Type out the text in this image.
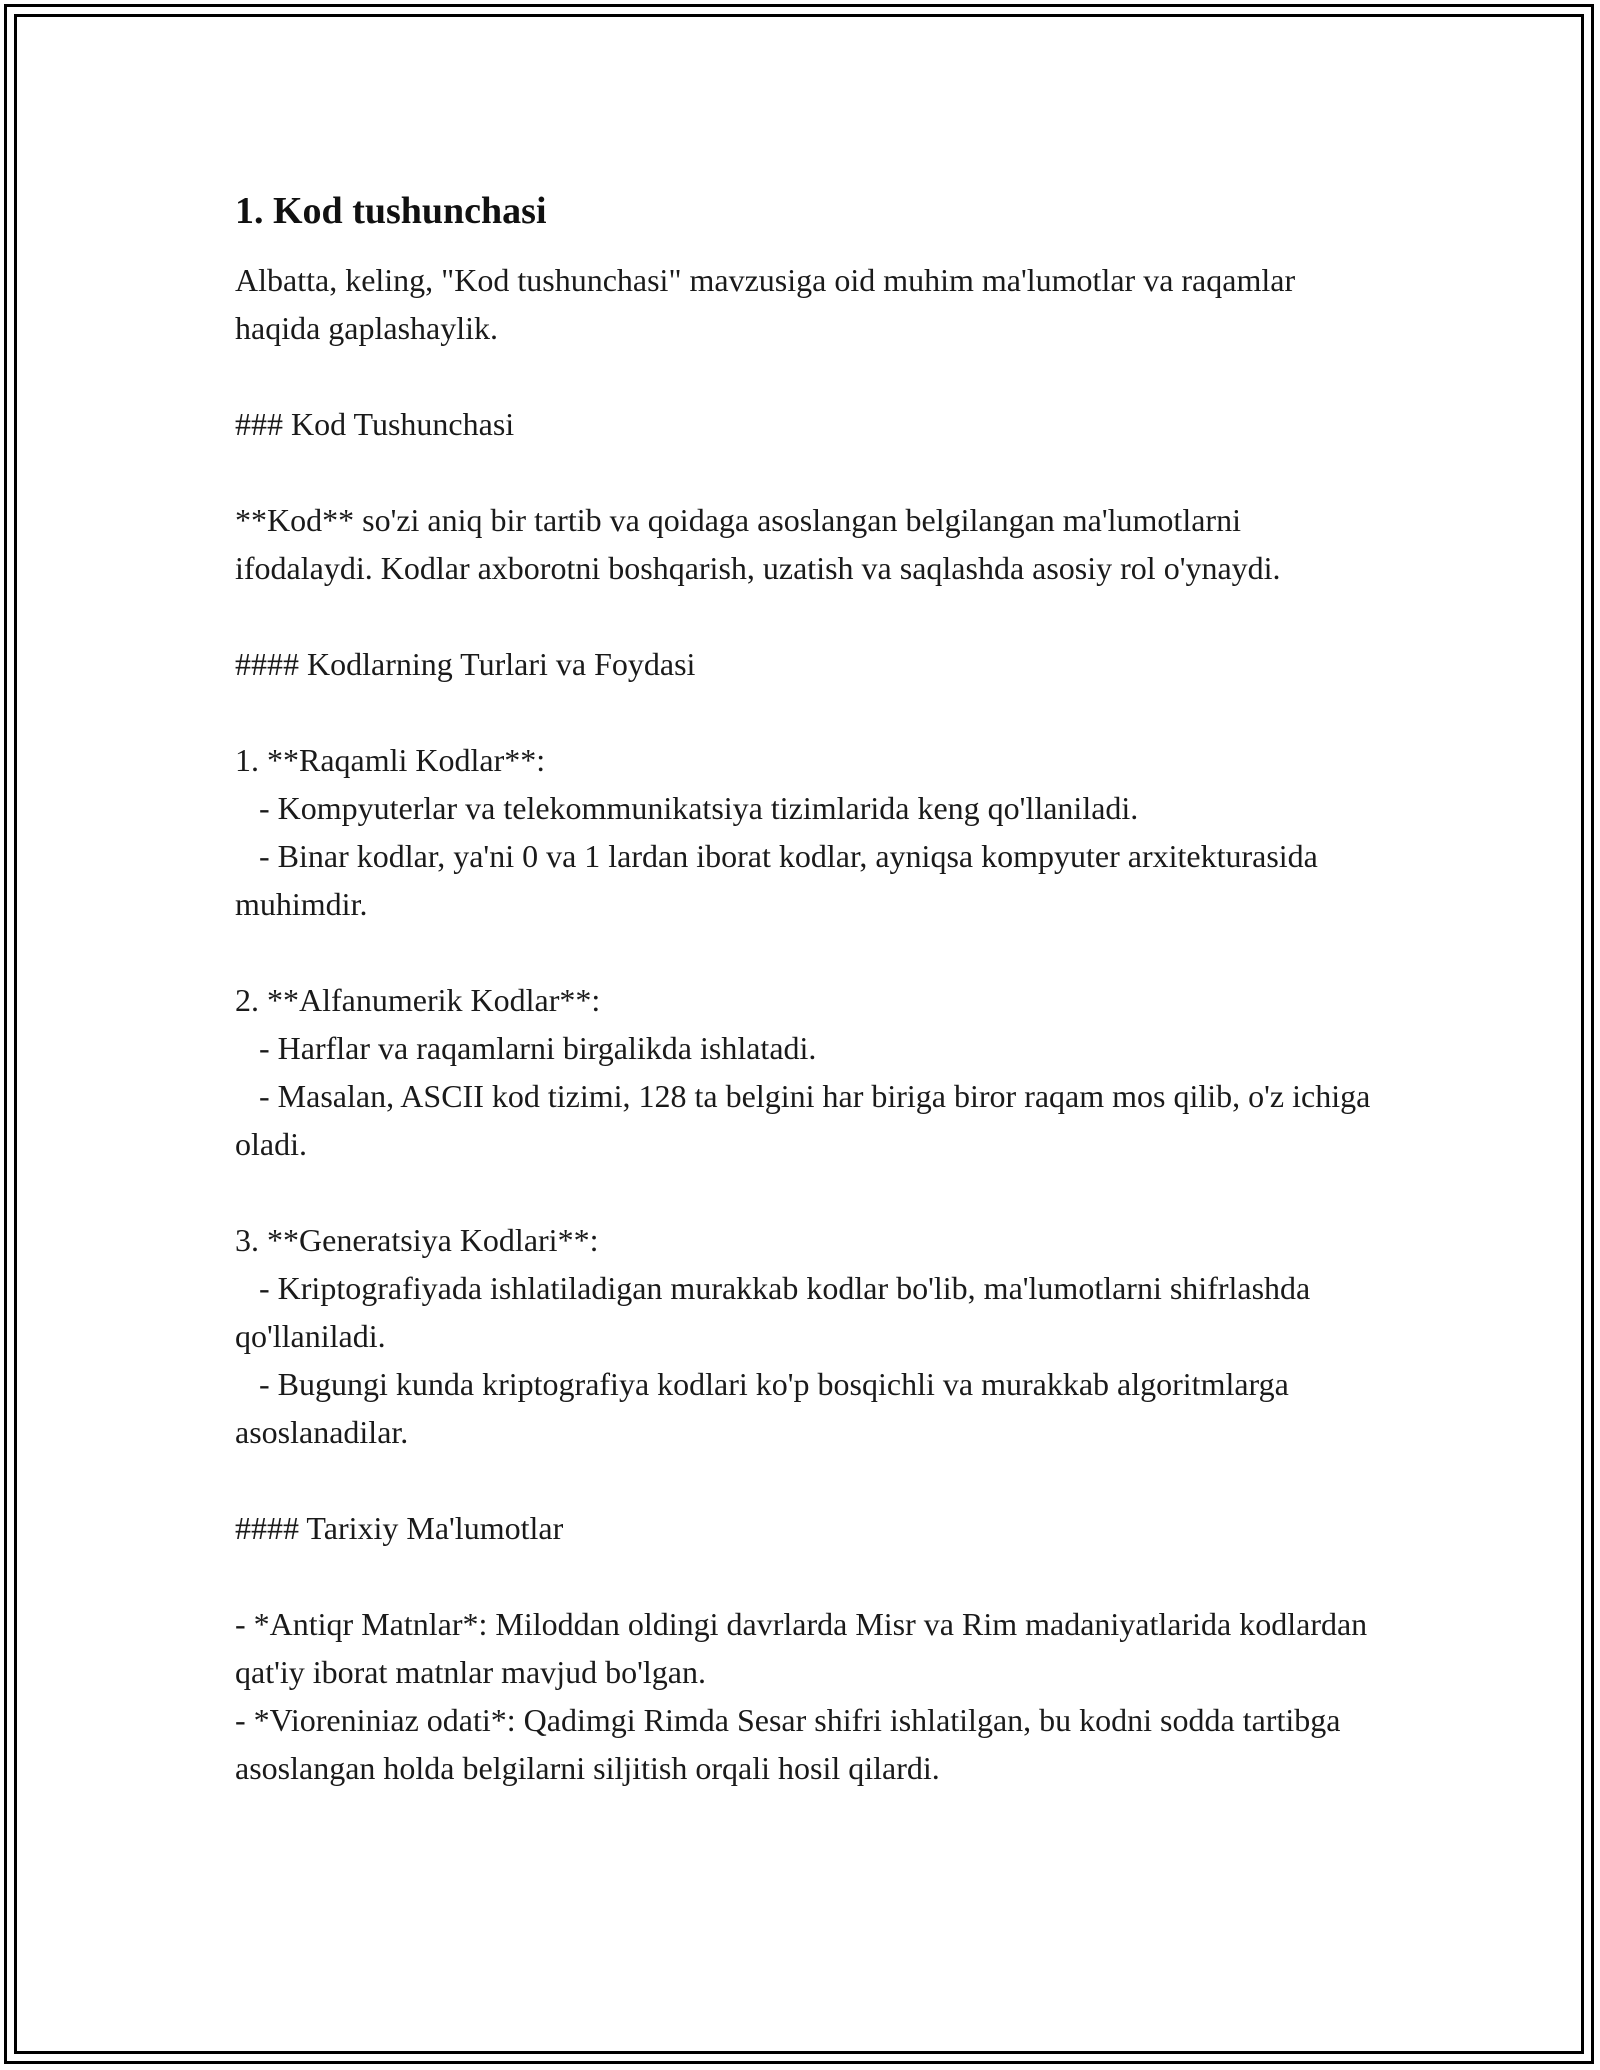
1. Kod tushunchasi

Albatta, keling, "Kod tushunchasi" mavzusiga oid muhim ma'lumotlar va raqamlar haqida gaplashaylik.

### Kod Tushunchasi

**Kod** so'zi aniq bir tartib va qoidaga asoslangan belgilangan ma'lumotlarni ifodalaydi. Kodlar axborotni boshqarish, uzatish va saqlashda asosiy rol o'ynaydi.

#### Kodlarning Turlari va Foydasi

1. **Raqamli Kodlar**:

- Kompyuterlar va telekommunikatsiya tizimlarida keng qo'llaniladi.

- Binar kodlar, ya'ni 0 va 1 lardan iborat kodlar, ayniqsa kompyuter arxitekturasida muhimdir.

2. **Alfanumerik Kodlar**:

- Harflar va raqamlarni birgalikda ishlatadi.

- Masalan, ASCII kod tizimi, 128 ta belgini har biriga biror raqam mos qilib, o'z ichiga oladi.

3. **Generatsiya Kodlari**:

- Kriptografiyada ishlatiladigan murakkab kodlar bo'lib, ma'lumotlarni shifrlashda qo'llaniladi.

- Bugungi kunda kriptografiya kodlari ko'p bosqichli va murakkab algoritmlarga asoslanadilar.

#### Tarixiy Ma'lumotlar

- *Antiqr Matnlar*: Miloddan oldingi davrlarda Misr va Rim madaniyatlarida kodlardan qat'iy iborat matnlar mavjud bo'lgan.

- *Viorenіniaz odati*: Qadimgi Rimda Sesar shifri ishlatilgan, bu kodni sodda tartibga asoslangan holda belgilarni siljitish orqali hosil qilardi.
